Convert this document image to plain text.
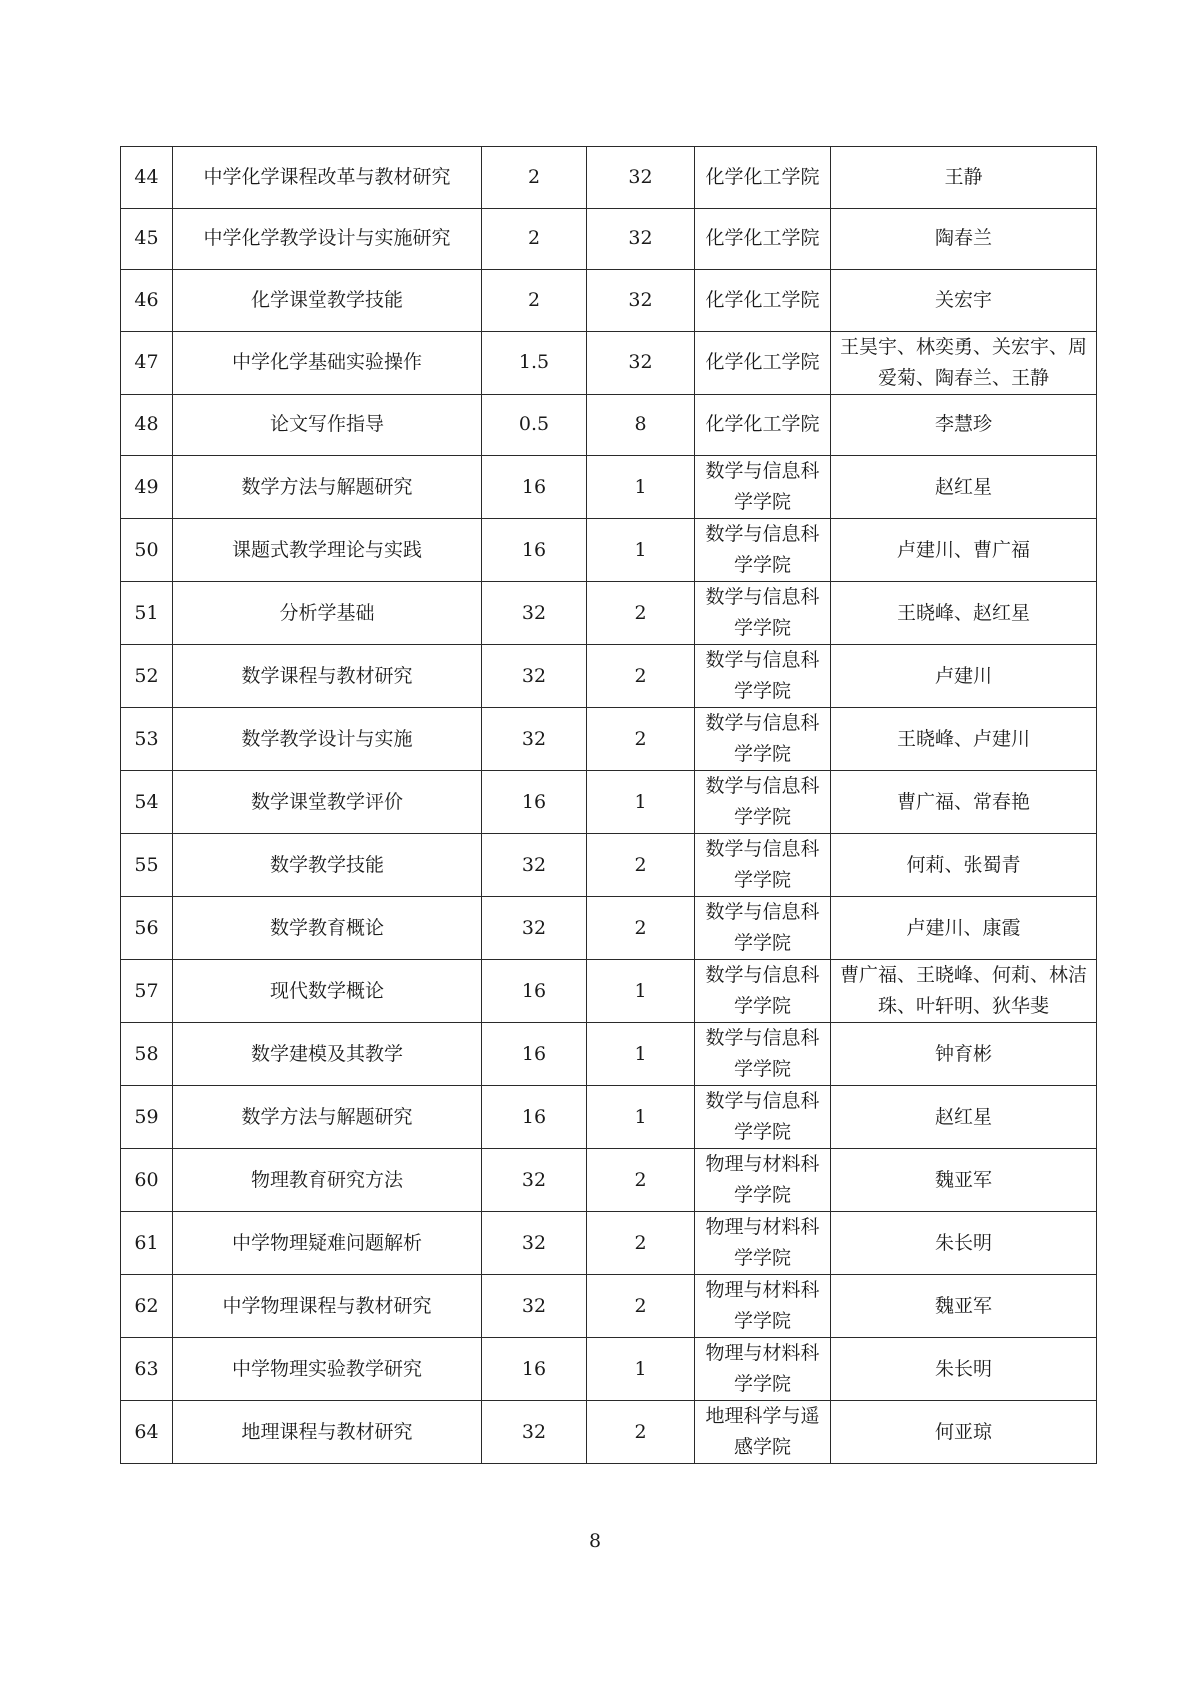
44	中学化学课程改革与教材研究	2	32	化学化工学院	王静
45	中学化学教学设计与实施研究	2	32	化学化工学院	陶春兰
46	化学课堂教学技能	2	32	化学化工学院	关宏宇
47	中学化学基础实验操作	1.5	32	化学化工学院	王昊宇、林奕勇、关宏宇、周爱菊、陶春兰、王静
48	论文写作指导	0.5	8	化学化工学院	李慧珍
49	数学方法与解题研究	16	1	数学与信息科学学院	赵红星
50	课题式教学理论与实践	16	1	数学与信息科学学院	卢建川、曹广福
51	分析学基础	32	2	数学与信息科学学院	王晓峰、赵红星
52	数学课程与教材研究	32	2	数学与信息科学学院	卢建川
53	数学教学设计与实施	32	2	数学与信息科学学院	王晓峰、卢建川
54	数学课堂教学评价	16	1	数学与信息科学学院	曹广福、常春艳
55	数学教学技能	32	2	数学与信息科学学院	何莉、张蜀青
56	数学教育概论	32	2	数学与信息科学学院	卢建川、康霞
57	现代数学概论	16	1	数学与信息科学学院	曹广福、王晓峰、何莉、林洁珠、叶轩明、狄华斐
58	数学建模及其教学	16	1	数学与信息科学学院	钟育彬
59	数学方法与解题研究	16	1	数学与信息科学学院	赵红星
60	物理教育研究方法	32	2	物理与材料科学学院	魏亚军
61	中学物理疑难问题解析	32	2	物理与材料科学学院	朱长明
62	中学物理课程与教材研究	32	2	物理与材料科学学院	魏亚军
63	中学物理实验教学研究	16	1	物理与材料科学学院	朱长明
64	地理课程与教材研究	32	2	地理科学与遥感学院	何亚琼
8
